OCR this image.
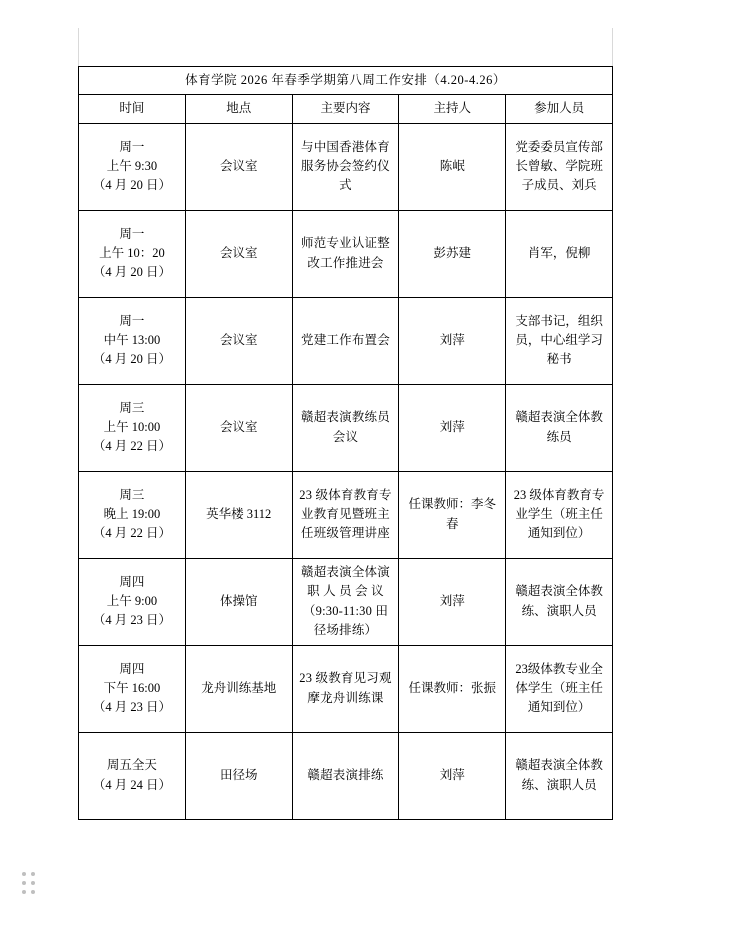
体育学院 2026 年春季学期第八周工作安排（4.20-4.26）				
时间	地点	主要内容	主持人	参加人员

周一
上午 9:30
（4 月 20 日）	会议室	与中国香港体育服务协会签约仪式	陈岷	党委委员宣传部长曾敏、学院班子成员、刘兵

周一
上午 10：20
（4 月 20 日）	会议室	师范专业认证整改工作推进会	彭苏建	肖军，倪柳

周一
中午 13:00
（4 月 20 日）	会议室	党建工作布置会	刘萍	支部书记，组织员，中心组学习秘书

周三
上午 10:00
（4 月 22 日）	会议室	赣超表演教练员会议	刘萍	赣超表演全体教练员

周三
晚上 19:00
（4 月 22 日）	英华楼 3112	23 级体育教育专业教育见暨班主任班级管理讲座	任课教师：李冬春	23 级体育教育专业学生（班主任通知到位）

周四
上午 9:00
（4 月 23 日）	体操馆	赣超表演全体演职 人 员 会 议（9:30-11:30 田径场排练）	刘萍	赣超表演全体教练、演职人员

周四
下午 16:00
（4 月 23 日）	龙舟训练基地	23 级教育见习观摩龙舟训练课	任课教师：张振	23级体教专业全体学生（班主任通知到位）

周五全天
（4 月 24 日）	田径场	赣超表演排练	刘萍	赣超表演全体教练、演职人员
